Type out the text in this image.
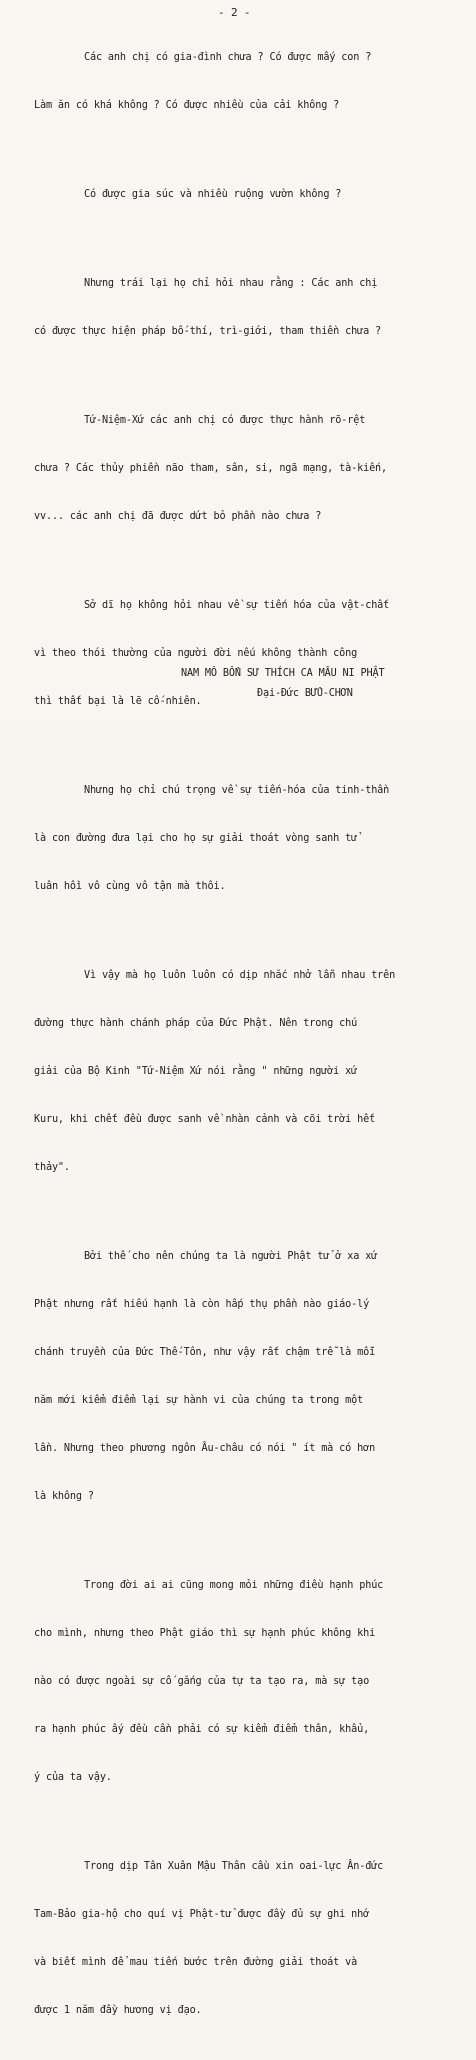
- 2 -

Các anh chị có gia-đình chưa ? Có được mấy con ?

Làm ăn có khá không ? Có được nhiều của cải không ?

Có được gia súc và nhiều ruộng vườn không ?

Nhưng trái lại họ chỉ hỏi nhau rằng : Các anh chị

có được thực hiện pháp bố-thí, trì-giới, tham thiền chưa ?

Tứ-Niệm-Xứ các anh chị có được thực hành rõ-rệt

chưa ? Các thủy phiền não tham, sân, si, ngã mạng, tà-kiến,

vv... các anh chị đã được dứt bỏ phần nào chưa ?

Sở dĩ họ không hỏi nhau về sự tiến hóa của vật-chất

vì theo thói thường của người đời nếu không thành công

thì thất bại là lẽ cố-nhiên.

Nhưng họ chỉ chú trọng về sự tiến-hóa của tinh-thần

là con đường đưa lại cho họ sự giải thoát vòng sanh tử

luân hồi vô cùng vô tận mà thôi.

Vì vậy mà họ luôn luôn có dịp nhắc nhở lẫn nhau trên

đường thực hành chánh pháp của Đức Phật. Nên trong chú

giải của Bộ Kinh "Tứ-Niệm Xứ nói rằng " những người xứ

Kuru, khi chết đều được sanh về nhàn cảnh và cõi trời hết

thảy".

Bởi thế cho nên chúng ta là người Phật tử ở xa xứ

Phật nhưng rất hiếu hạnh là còn hấp thụ phần nào giáo-lý

chánh truyền của Đức Thế-Tôn, như vậy rất chậm trễ là mỗi

năm mới kiểm điểm lại sự hành vi của chúng ta trong một

lần. Nhưng theo phương ngôn Âu-châu có nói " ít mà có hơn

là không ?

Trong đời ai ai cũng mong mỏi những điều hạnh phúc

cho mình, nhưng theo Phật giáo thì sự hạnh phúc không khi

nào có được ngoài sự cố gắng của tự ta tạo ra, mà sự tạo

ra hạnh phúc ấy đều cần phải có sự kiểm điểm thân, khẩu,

ý của ta vậy.

Trong dịp Tân Xuân Mậu Thân cầu xin oai-lực Ân-đức

Tam-Bảo gia-hộ cho quí vị Phật-tử được đầy đủ sự ghi nhớ

và biết mình để mau tiến bước trên đường giải thoát và

được 1 năm đầy hương vị đạo.

NAM MÔ BỔN SƯ THÍCH CA MÂU NI PHẬT
Đại-Đức BỬU-CHƠN
